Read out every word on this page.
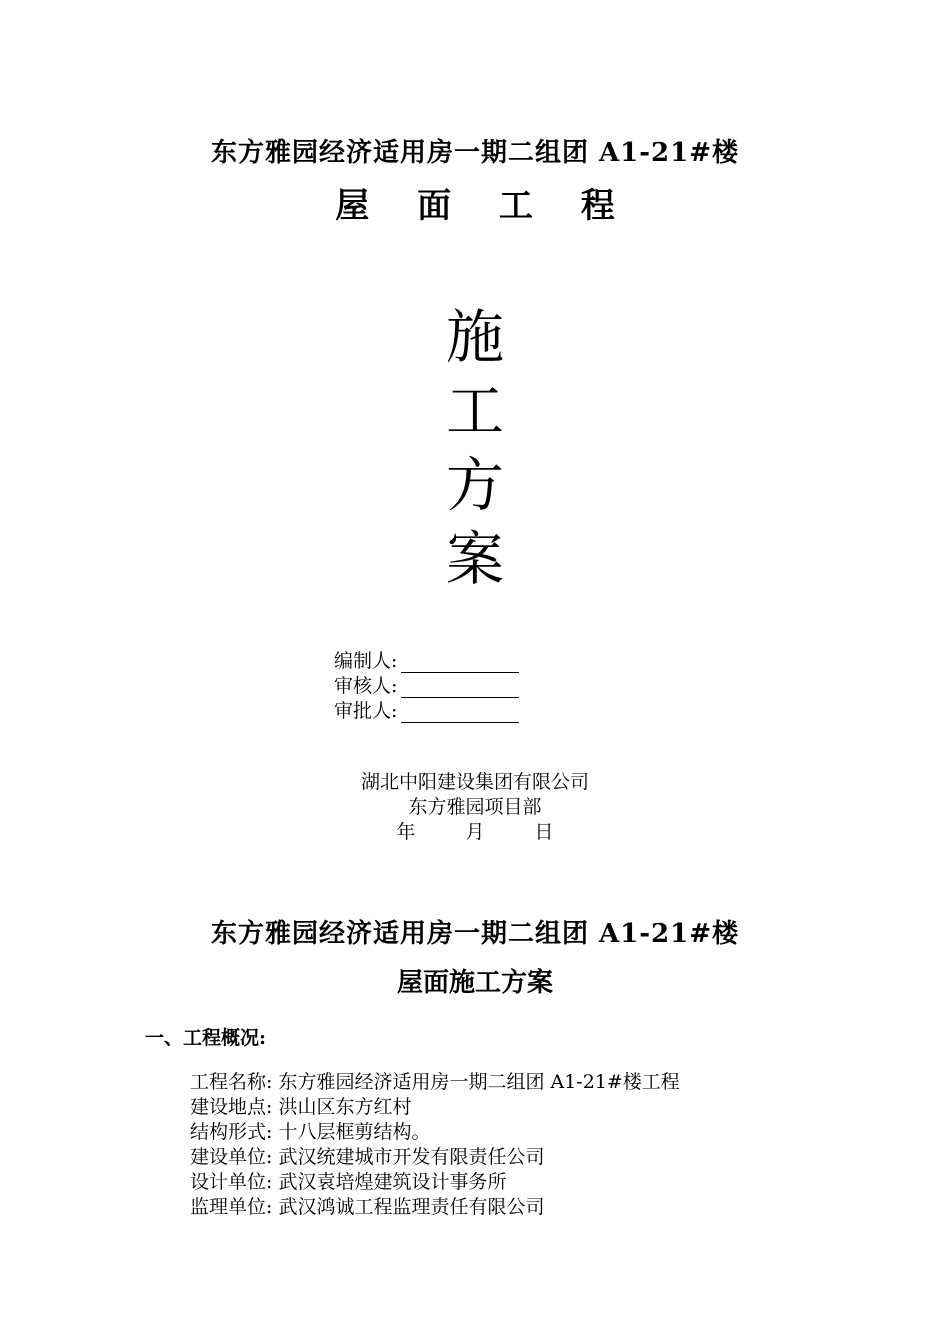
东方雅园经济适用房一期二组团 A1-21#楼
屋 面 工 程
施
工
方
案
编制人:
审核人:
审批人:
湖北中阳建设集团有限公司
东方雅园项目部
年	月	日
东方雅园经济适用房一期二组团 A1-21#楼
屋面施工方案
一、工程概况:
工程名称: 东方雅园经济适用房一期二组团 A1-21#楼工程
建设地点: 洪山区东方红村
结构形式: 十八层框剪结构。
建设单位: 武汉统建城市开发有限责任公司
设计单位: 武汉袁培煌建筑设计事务所
监理单位: 武汉鸿诚工程监理责任有限公司
